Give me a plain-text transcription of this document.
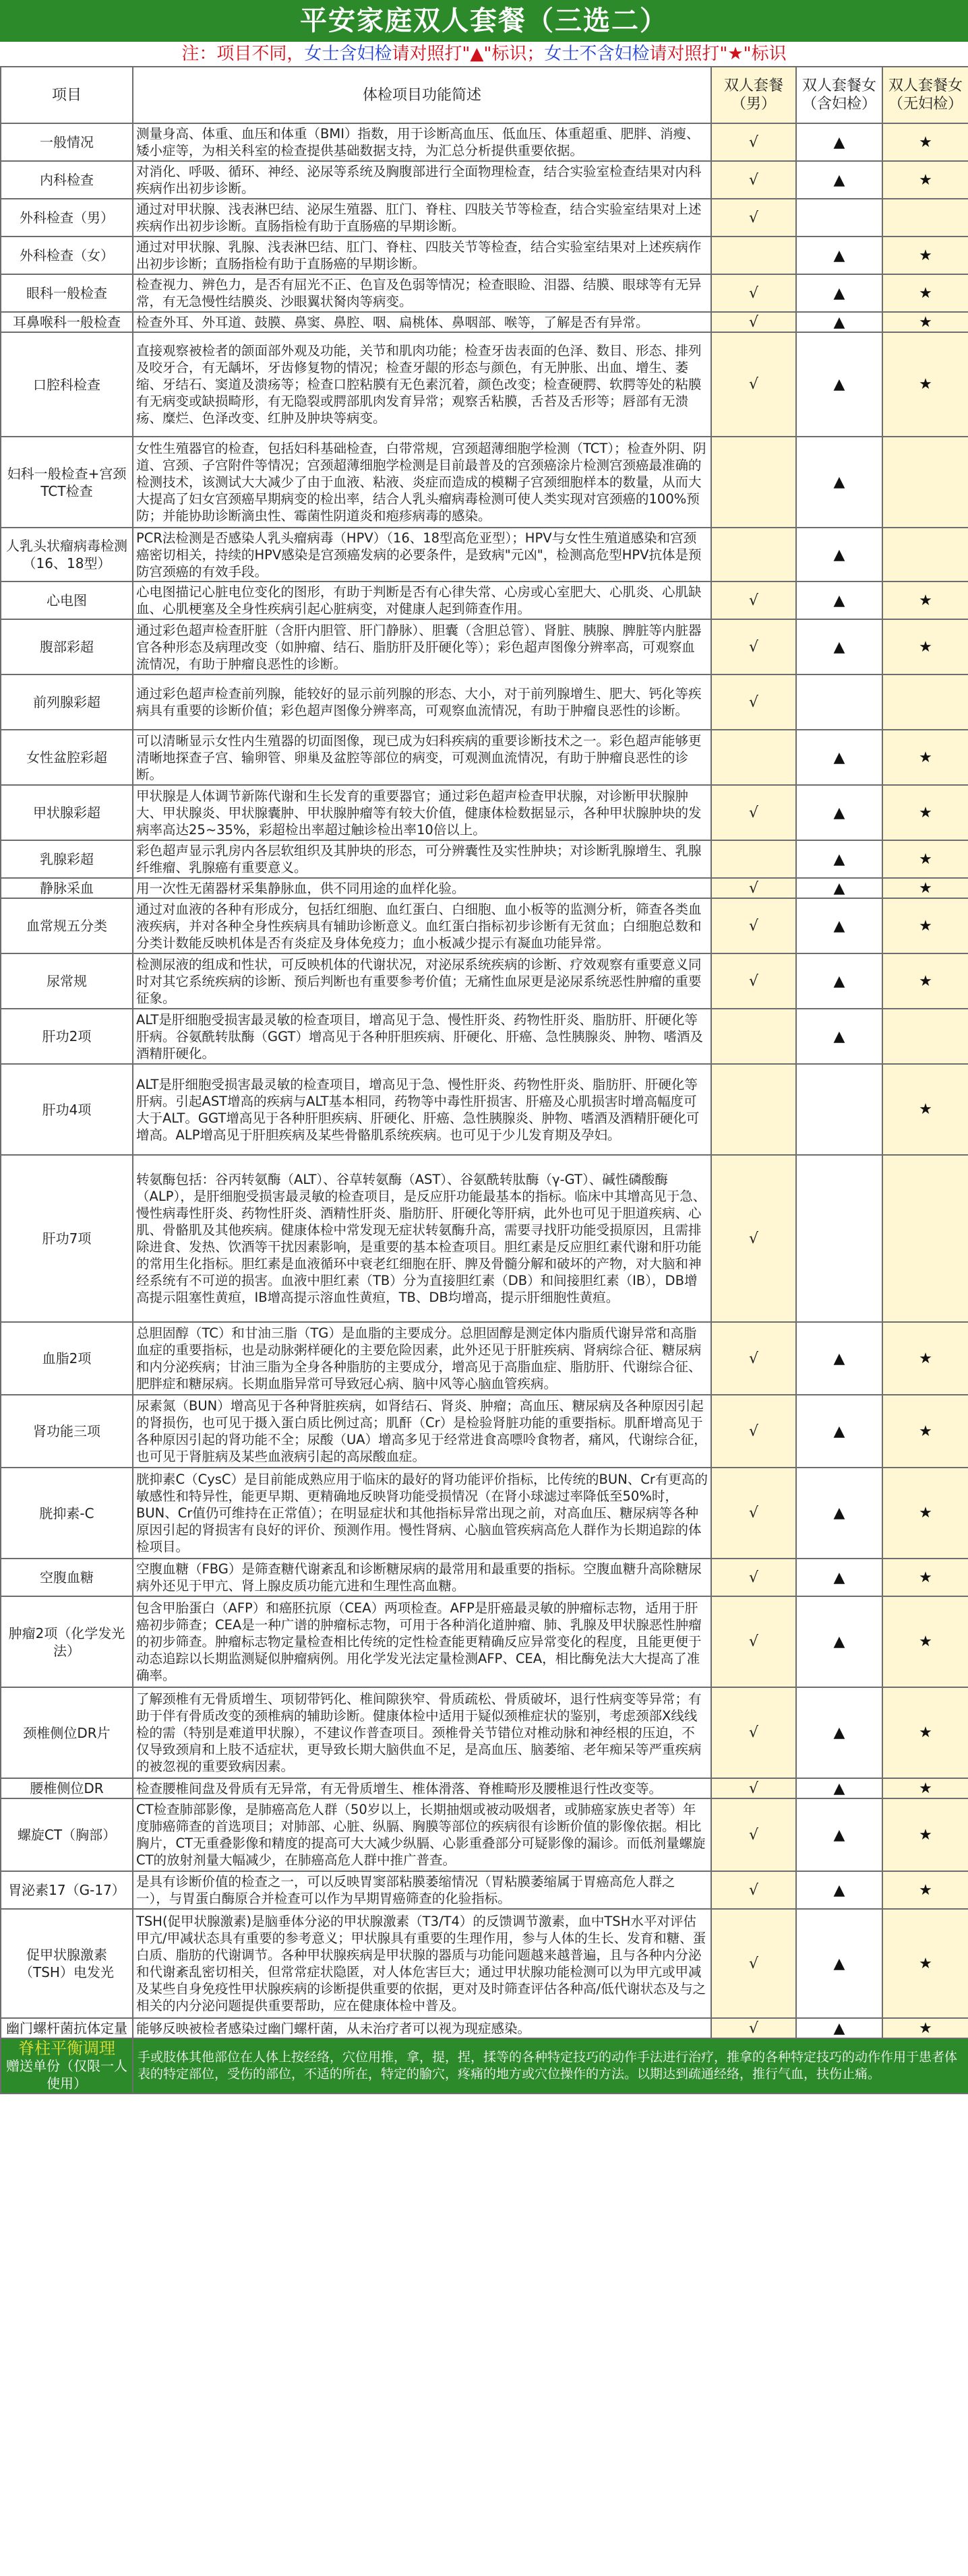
平安家庭双人套餐（三选二）
注：项目不同，女士含妇检请对照打"▲"标识；女士不含妇检请对照打"★"标识
项目	体检项目功能简述	双人套餐（男）	双人套餐女（含妇检）	双人套餐女（无妇检）
一般情况	测量身高、体重、血压和体重（BMI）指数，用于诊断高血压、低血压、体重超重、肥胖、消瘦、矮小症等，为相关科室的检查提供基础数据支持，为汇总分析提供重要依据。	√	▲	★
内科检查	对消化、呼吸、循环、神经、泌尿等系统及胸腹部进行全面物理检查，结合实验室检查结果对内科疾病作出初步诊断。	√	▲	★
外科检查（男）	通过对甲状腺、浅表淋巴结、泌尿生殖器、肛门、脊柱、四肢关节等检查，结合实验室结果对上述疾病作出初步诊断。直肠指检有助于直肠癌的早期诊断。	√		
外科检查（女）	通过对甲状腺、乳腺、浅表淋巴结、肛门、脊柱、四肢关节等检查，结合实验室结果对上述疾病作出初步诊断；直肠指检有助于直肠癌的早期诊断。		▲	★
眼科一般检查	检查视力、辨色力，是否有屈光不正、色盲及色弱等情况；检查眼睑、泪器、结膜、眼球等有无异常，有无急慢性结膜炎、沙眼翼状胬肉等病变。	√	▲	★
耳鼻喉科一般检查	检查外耳、外耳道、鼓膜、鼻窦、鼻腔、咽、扁桃体、鼻咽部、喉等，了解是否有异常。	√	▲	★
口腔科检查	直接观察被检者的颌面部外观及功能，关节和肌肉功能；检查牙齿表面的色泽、数目、形态、排列及咬牙合，有无龋坏，牙齿修复物的情况；检查牙龈的形态与颜色，有无肿胀、出血、增生、萎缩、牙结石、窦道及溃疡等；检查口腔粘膜有无色素沉着，颜色改变；检查硬腭、软腭等处的粘膜有无病变或缺损畸形，有无隐裂或腭部肌肉发育异常；观察舌粘膜，舌苔及舌形等；唇部有无溃疡、糜烂、色泽改变、红肿及肿块等病变。	√	▲	★
妇科一般检查+宫颈TCT检查	女性生殖器官的检查，包括妇科基础检查，白带常规，宫颈超薄细胞学检测（TCT）；检查外阴、阴道、宫颈、子宫附件等情况；宫颈超薄细胞学检测是目前最普及的宫颈癌涂片检测宫颈癌最准确的检测技术，该测试大大减少了由于血液、粘液、炎症而造成的模糊子宫颈细胞样本的数量，从而大大提高了妇女宫颈癌早期病变的检出率，结合人乳头瘤病毒检测可使人类实现对宫颈癌的100%预防；并能协助诊断滴虫性、霉菌性阴道炎和疱疹病毒的感染。		▲	
人乳头状瘤病毒检测（16、18型）	PCR法检测是否感染人乳头瘤病毒（HPV）（16、18型高危亚型）；HPV与女性生殖道感染和宫颈癌密切相关，持续的HPV感染是宫颈癌发病的必要条件，是致病"元凶"，检测高危型HPV抗体是预防宫颈癌的有效手段。		▲	
心电图	心电图描记心脏电位变化的图形，有助于判断是否有心律失常、心房或心室肥大、心肌炎、心肌缺血、心肌梗塞及全身性疾病引起心脏病变，对健康人起到筛查作用。	√	▲	★
腹部彩超	通过彩色超声检查肝脏（含肝内胆管、肝门静脉）、胆囊（含胆总管）、肾脏、胰腺、脾脏等内脏器官各种形态及病理改变（如肿瘤、结石、脂肪肝及肝硬化等）；彩色超声图像分辨率高，可观察血流情况，有助于肿瘤良恶性的诊断。	√	▲	★
前列腺彩超	通过彩色超声检查前列腺，能较好的显示前列腺的形态、大小，对于前列腺增生、肥大、钙化等疾病具有重要的诊断价值；彩色超声图像分辨率高，可观察血流情况，有助于肿瘤良恶性的诊断。	√		
女性盆腔彩超	可以清晰显示女性内生殖器的切面图像，现已成为妇科疾病的重要诊断技术之一。彩色超声能够更清晰地探查子宫、输卵管、卵巢及盆腔等部位的病变，可观测血流情况，有助于肿瘤良恶性的诊断。		▲	★
甲状腺彩超	甲状腺是人体调节新陈代谢和生长发育的重要器官；通过彩色超声检查甲状腺，对诊断甲状腺肿大、甲状腺炎、甲状腺囊肿、甲状腺肿瘤等有较大价值，健康体检数据显示，各种甲状腺肿块的发病率高达25~35%，彩超检出率超过触诊检出率10倍以上。	√	▲	★
乳腺彩超	彩色超声显示乳房内各层软组织及其肿块的形态，可分辨囊性及实性肿块；对诊断乳腺增生、乳腺纤维瘤、乳腺癌有重要意义。		▲	★
静脉采血	用一次性无菌器材采集静脉血，供不同用途的血样化验。	√	▲	★
血常规五分类	通过对血液的各种有形成分，包括红细胞、血红蛋白、白细胞、血小板等的监测分析，筛查各类血液疾病，并对各种全身性疾病具有辅助诊断意义。血红蛋白指标初步诊断有无贫血；白细胞总数和分类计数能反映机体是否有炎症及身体免疫力；血小板减少提示有凝血功能异常。	√	▲	★
尿常规	检测尿液的组成和性状，可反映机体的代谢状况，对泌尿系统疾病的诊断、疗效观察有重要意义同时对其它系统疾病的诊断、预后判断也有重要参考价值；无痛性血尿更是泌尿系统恶性肿瘤的重要征象。	√	▲	★
肝功2项	ALT是肝细胞受损害最灵敏的检查项目，增高见于急、慢性肝炎、药物性肝炎、脂肪肝、肝硬化等肝病。谷氨酰转肽酶（GGT）增高见于各种肝胆疾病、肝硬化、肝癌、急性胰腺炎、肿物、嗜酒及酒精肝硬化。		▲	
肝功4项	ALT是肝细胞受损害最灵敏的检查项目，增高见于急、慢性肝炎、药物性肝炎、脂肪肝、肝硬化等肝病。引起AST增高的疾病与ALT基本相同，药物等中毒性肝损害、肝癌及心肌损害时增高幅度可大于ALT。GGT增高见于各种肝胆疾病、肝硬化、肝癌、急性胰腺炎、肿物、嗜酒及酒精肝硬化可增高。ALP增高见于肝胆疾病及某些骨骼肌系统疾病。也可见于少儿发育期及孕妇。			★
肝功7项	转氨酶包括：谷丙转氨酶（ALT）、谷草转氨酶（AST）、谷氨酰转肽酶（γ-GT）、碱性磷酸酶（ALP），是肝细胞受损害最灵敏的检查项目，是反应肝功能最基本的指标。临床中其增高见于急、慢性病毒性肝炎、药物性肝炎、酒精性肝炎、脂肪肝、肝硬化等肝病，此外也可见于胆道疾病、心肌、骨骼肌及其他疾病。健康体检中常发现无症状转氨酶升高，需要寻找肝功能受损原因，且需排除进食、发热、饮酒等干扰因素影响，是重要的基本检查项目。胆红素是反应胆红素代谢和肝功能的常用生化指标。胆红素是血液循环中衰老红细胞在肝、脾及骨髓分解和破坏的产物，对大脑和神经系统有不可逆的损害。血液中胆红素（TB）分为直接胆红素（DB）和间接胆红素（IB），DB增高提示阻塞性黄疸，IB增高提示溶血性黄疸，TB、DB均增高，提示肝细胞性黄疸。	√		
血脂2项	总胆固醇（TC）和甘油三脂（TG）是血脂的主要成分。总胆固醇是测定体内脂质代谢异常和高脂血症的重要指标，也是动脉粥样硬化的主要危险因素，此外还见于肝脏疾病、肾病综合征、糖尿病和内分泌疾病；甘油三脂为全身各种脂肪的主要成分，增高见于高脂血症、脂肪肝、代谢综合征、肥胖症和糖尿病。长期血脂异常可导致冠心病、脑中风等心脑血管疾病。	√	▲	★
肾功能三项	尿素氮（BUN）增高见于各种肾脏疾病，如肾结石、肾炎、肿瘤；高血压、糖尿病及各种原因引起的肾损伤，也可见于摄入蛋白质比例过高；肌酐（Cr）是检验肾脏功能的重要指标。肌酐增高见于各种原因引起的肾功能不全；尿酸（UA）增高多见于经常进食高嘌呤食物者，痛风，代谢综合征，也可见于肾脏病及某些血液病引起的高尿酸血症。	√	▲	★
胱抑素-C	胱抑素C（CysC）是目前能成熟应用于临床的最好的肾功能评价指标，比传统的BUN、Cr有更高的敏感性和特异性，能更早期、更精确地反映肾功能受损情况（在肾小球滤过率降低至50%时，BUN、Cr值仍可维持在正常值）；在明显症状和其他指标异常出现之前，对高血压、糖尿病等各种原因引起的肾损害有良好的评价、预测作用。慢性肾病、心脑血管疾病高危人群作为长期追踪的体检项目。	√	▲	★
空腹血糖	空腹血糖（FBG）是筛查糖代谢紊乱和诊断糖尿病的最常用和最重要的指标。空腹血糖升高除糖尿病外还见于甲亢、肾上腺皮质功能亢进和生理性高血糖。	√	▲	★
肿瘤2项（化学发光法）	包含甲胎蛋白（AFP）和癌胚抗原（CEA）两项检查。AFP是肝癌最灵敏的肿瘤标志物，适用于肝癌初步筛查；CEA是一种广谱的肿瘤标志物，可用于各种消化道肿瘤、肺、乳腺及甲状腺恶性肿瘤的初步筛查。肿瘤标志物定量检查相比传统的定性检查能更精确反应异常变化的程度，且能更便于动态追踪以长期监测疑似肿瘤病例。用化学发光法定量检测AFP、CEA，相比酶免法大大提高了准确率。	√	▲	★
颈椎侧位DR片	了解颈椎有无骨质增生、项韧带钙化、椎间隙狭窄、骨质疏松、骨质破坏，退行性病变等异常；有助于伴有骨质改变的颈椎病的辅助诊断。健康体检中适用于疑似颈椎症状的鉴别，考虑颈部X线线检的需（特别是难道甲状腺），不建议作普查项目。颈椎骨关节错位对椎动脉和神经根的压迫，不仅导致颈肩和上肢不适症状，更导致长期大脑供血不足，是高血压、脑萎缩、老年痴呆等严重疾病的被忽视的重要致病因素。	√	▲	★
腰椎侧位DR	检查腰椎间盘及骨质有无异常，有无骨质增生、椎体滑落、脊椎畸形及腰椎退行性改变等。	√	▲	★
螺旋CT（胸部）	CT检查肺部影像，是肺癌高危人群（50岁以上，长期抽烟或被动吸烟者，或肺癌家族史者等）年度肺癌筛查的首选项目；对肺部、心脏、纵膈、胸膜等部位的疾病很有诊断价值的影像依据。相比胸片，CT无重叠影像和精度的提高可大大减少纵膈、心影重叠部分可疑影像的漏诊。而低剂量螺旋CT的放射剂量大幅减少，在肺癌高危人群中推广普查。	√	▲	★
胃泌素17（G-17）	是具有诊断价值的检查之一，可以反映胃窦部粘膜萎缩情况（胃粘膜萎缩属于胃癌高危人群之一），与胃蛋白酶原合并检查可以作为早期胃癌筛查的化验指标。	√	▲	★
促甲状腺激素（TSH）电发光	TSH(促甲状腺激素)是脑垂体分泌的甲状腺激素（T3/T4）的反馈调节激素，血中TSH水平对评估甲亢/甲减状态具有重要的参考意义；甲状腺具有重要的生理作用，参与人体的生长、发育和糖、蛋白质、脂肪的代谢调节。各种甲状腺疾病是甲状腺的器质与功能问题越来越普遍，且与各种内分泌和代谢紊乱密切相关，但常常症状隐匿，对人体危害巨大；通过甲状腺功能检测可以为甲亢或甲减及某些自身免疫性甲状腺疾病的诊断提供重要的依据，更对及时筛查评估各种高/低代谢状态及与之相关的内分泌问题提供重要帮助，应在健康体检中普及。	√	▲	★
幽门螺杆菌抗体定量	能够反映被检者感染过幽门螺杆菌，从未治疗者可以视为现症感染。	√	▲	★

脊柱平衡调理
赠送单份（仅限一人使用）	手或肢体其他部位在人体上按经络，穴位用推，拿，提，捏，揉等的各种特定技巧的动作手法进行治疗，推拿的各种特定技巧的动作作用于患者体表的特定部位，受伤的部位，不适的所在，特定的腧穴，疼痛的地方或穴位操作的方法。以期达到疏通经络，推行气血，扶伤止痛。			
